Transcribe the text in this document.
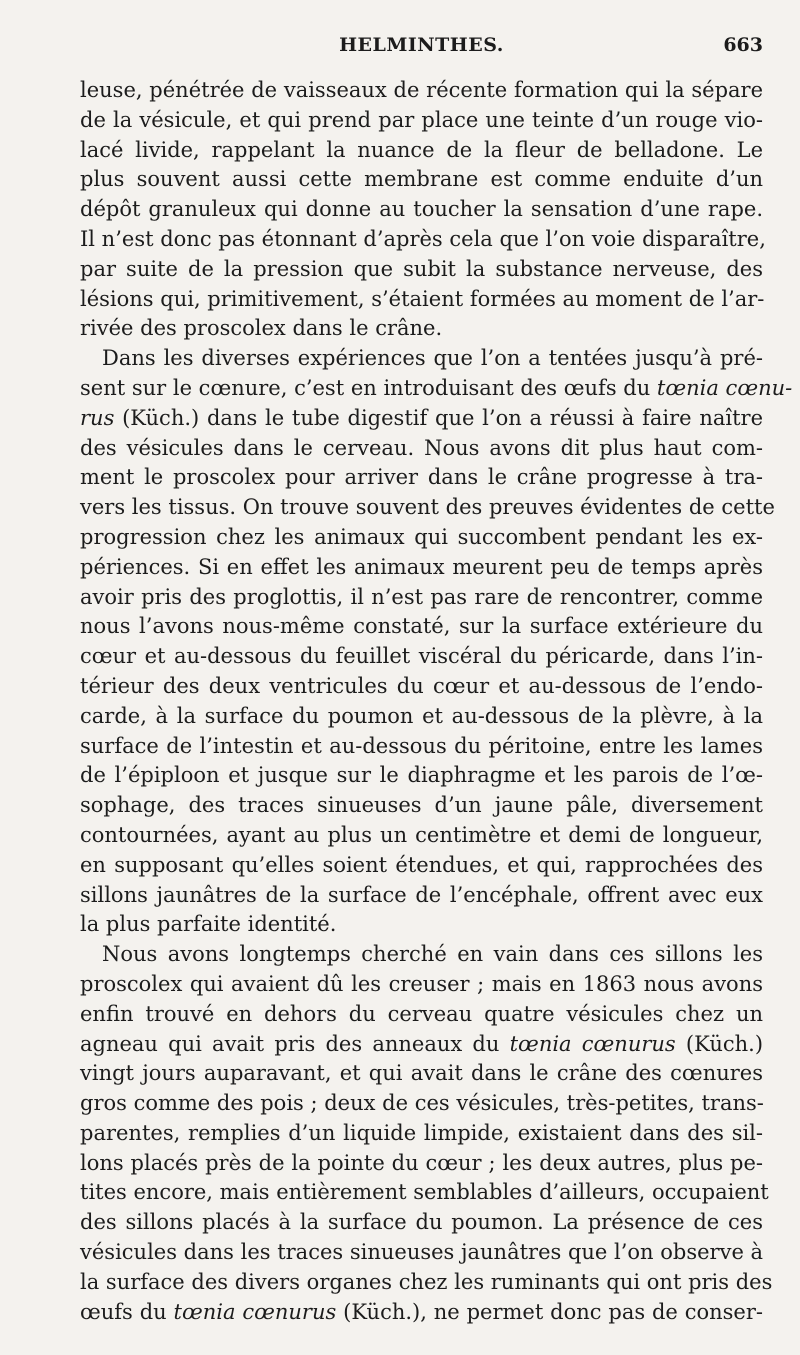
HELMINTHES.	663
leuse, pénétrée de vaisseaux de récente formation qui la sépare
de la vésicule, et qui prend par place une teinte d’un rouge vio-
lacé livide, rappelant la nuance de la fleur de belladone. Le
plus souvent aussi cette membrane est comme enduite d’un
dépôt granuleux qui donne au toucher la sensation d’une rape.
Il n’est donc pas étonnant d’après cela que l’on voie disparaître,
par suite de la pression que subit la substance nerveuse, des
lésions qui, primitivement, s’étaient formées au moment de l’ar-
rivée des proscolex dans le crâne.
Dans les diverses expériences que l’on a tentées jusqu’à pré-
sent sur le cœnure, c’est en introduisant des œufs du tœnia cœnu-
rus (Küch.) dans le tube digestif que l’on a réussi à faire naître
des vésicules dans le cerveau. Nous avons dit plus haut com-
ment le proscolex pour arriver dans le crâne progresse à tra-
vers les tissus. On trouve souvent des preuves évidentes de cette
progression chez les animaux qui succombent pendant les ex-
périences. Si en effet les animaux meurent peu de temps après
avoir pris des proglottis, il n’est pas rare de rencontrer, comme
nous l’avons nous-même constaté, sur la surface extérieure du
cœur et au-dessous du feuillet viscéral du péricarde, dans l’in-
térieur des deux ventricules du cœur et au-dessous de l’endo-
carde, à la surface du poumon et au-dessous de la plèvre, à la
surface de l’intestin et au-dessous du péritoine, entre les lames
de l’épiploon et jusque sur le diaphragme et les parois de l’œ-
sophage, des traces sinueuses d’un jaune pâle, diversement
contournées, ayant au plus un centimètre et demi de longueur,
en supposant qu’elles soient étendues, et qui, rapprochées des
sillons jaunâtres de la surface de l’encéphale, offrent avec eux
la plus parfaite identité.
Nous avons longtemps cherché en vain dans ces sillons les
proscolex qui avaient dû les creuser ; mais en 1863 nous avons
enfin trouvé en dehors du cerveau quatre vésicules chez un
agneau qui avait pris des anneaux du tœnia cœnurus (Küch.)
vingt jours auparavant, et qui avait dans le crâne des cœnures
gros comme des pois ; deux de ces vésicules, très-petites, trans-
parentes, remplies d’un liquide limpide, existaient dans des sil-
lons placés près de la pointe du cœur ; les deux autres, plus pe-
tites encore, mais entièrement semblables d’ailleurs, occupaient
des sillons placés à la surface du poumon. La présence de ces
vésicules dans les traces sinueuses jaunâtres que l’on observe à
la surface des divers organes chez les ruminants qui ont pris des
œufs du tœnia cœnurus (Küch.), ne permet donc pas de conser-
